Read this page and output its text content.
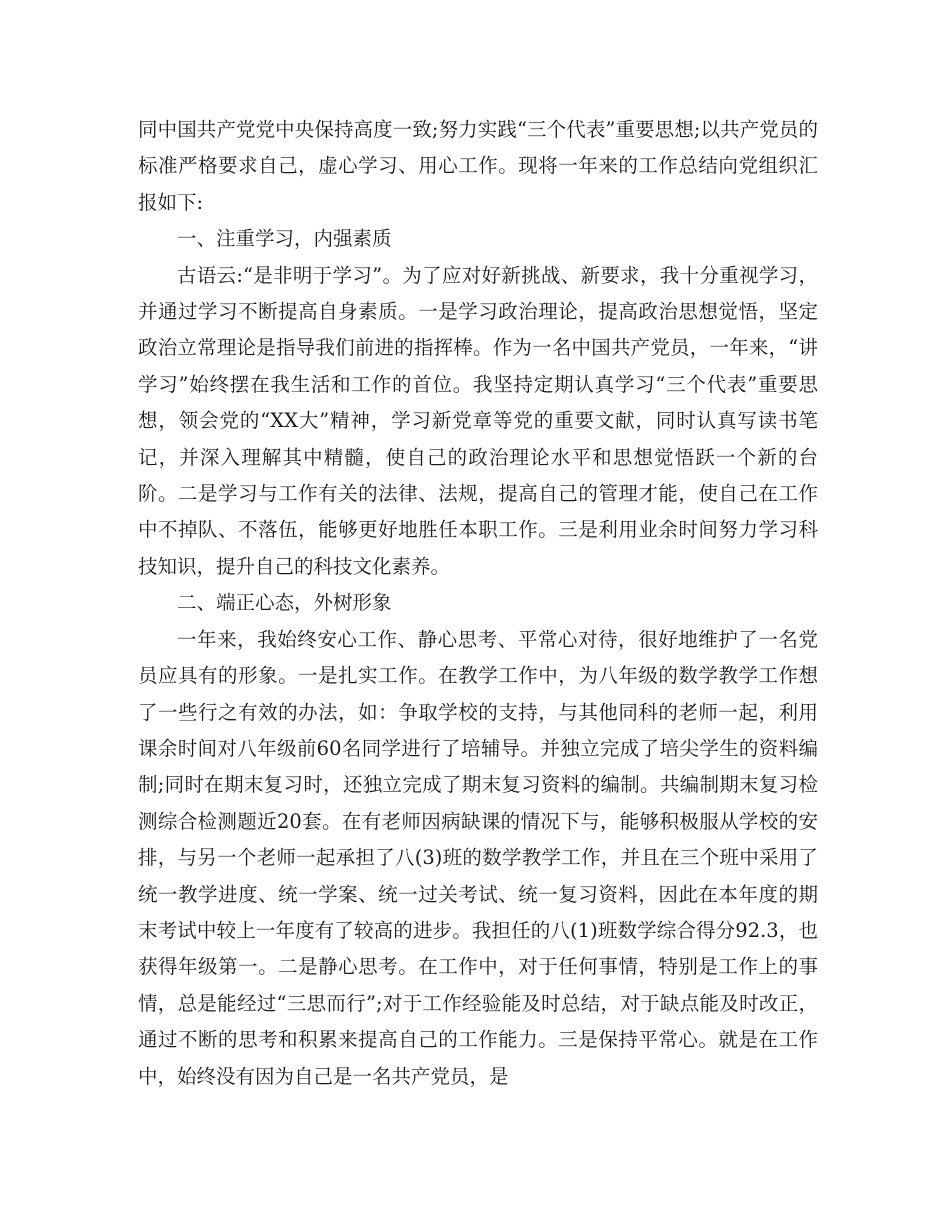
同中国共产党党中央保持高度一致;努力实践“三个代表”重要思想;以共产党员的标准严格要求自己，虚心学习、用心工作。现将一年来的工作总结向党组织汇报如下:

一、注重学习，内强素质

古语云:“是非明于学习”。为了应对好新挑战、新要求，我十分重视学习，并通过学习不断提高自身素质。一是学习政治理论，提高政治思想觉悟，坚定政治立常理论是指导我们前进的指挥棒。作为一名中国共产党员，一年来，“讲学习”始终摆在我生活和工作的首位。我坚持定期认真学习“三个代表”重要思想，领会党的“XX大”精神，学习新党章等党的重要文献，同时认真写读书笔记，并深入理解其中精髓，使自己的政治理论水平和思想觉悟跃一个新的台阶。二是学习与工作有关的法律、法规，提高自己的管理才能，使自己在工作中不掉队、不落伍，能够更好地胜任本职工作。三是利用业余时间努力学习科技知识，提升自己的科技文化素养。

二、端正心态，外树形象

一年来，我始终安心工作、静心思考、平常心对待，很好地维护了一名党员应具有的形象。一是扎实工作。在教学工作中，为八年级的数学教学工作想了一些行之有效的办法，如：争取学校的支持，与其他同科的老师一起，利用课余时间对八年级前60名同学进行了培辅导。并独立完成了培尖学生的资料编制;同时在期末复习时，还独立完成了期末复习资料的编制。共编制期末复习检测综合检测题近20套。在有老师因病缺课的情况下与，能够积极服从学校的安排，与另一个老师一起承担了八(3)班的数学教学工作，并且在三个班中采用了统一教学进度、统一学案、统一过关考试、统一复习资料，因此在本年度的期末考试中较上一年度有了较高的进步。我担任的八(1)班数学综合得分92.3，也获得年级第一。二是静心思考。在工作中，对于任何事情，特别是工作上的事情，总是能经过“三思而行”;对于工作经验能及时总结，对于缺点能及时改正，通过不断的思考和积累来提高自己的工作能力。三是保持平常心。就是在工作中，始终没有因为自己是一名共产党员，是
